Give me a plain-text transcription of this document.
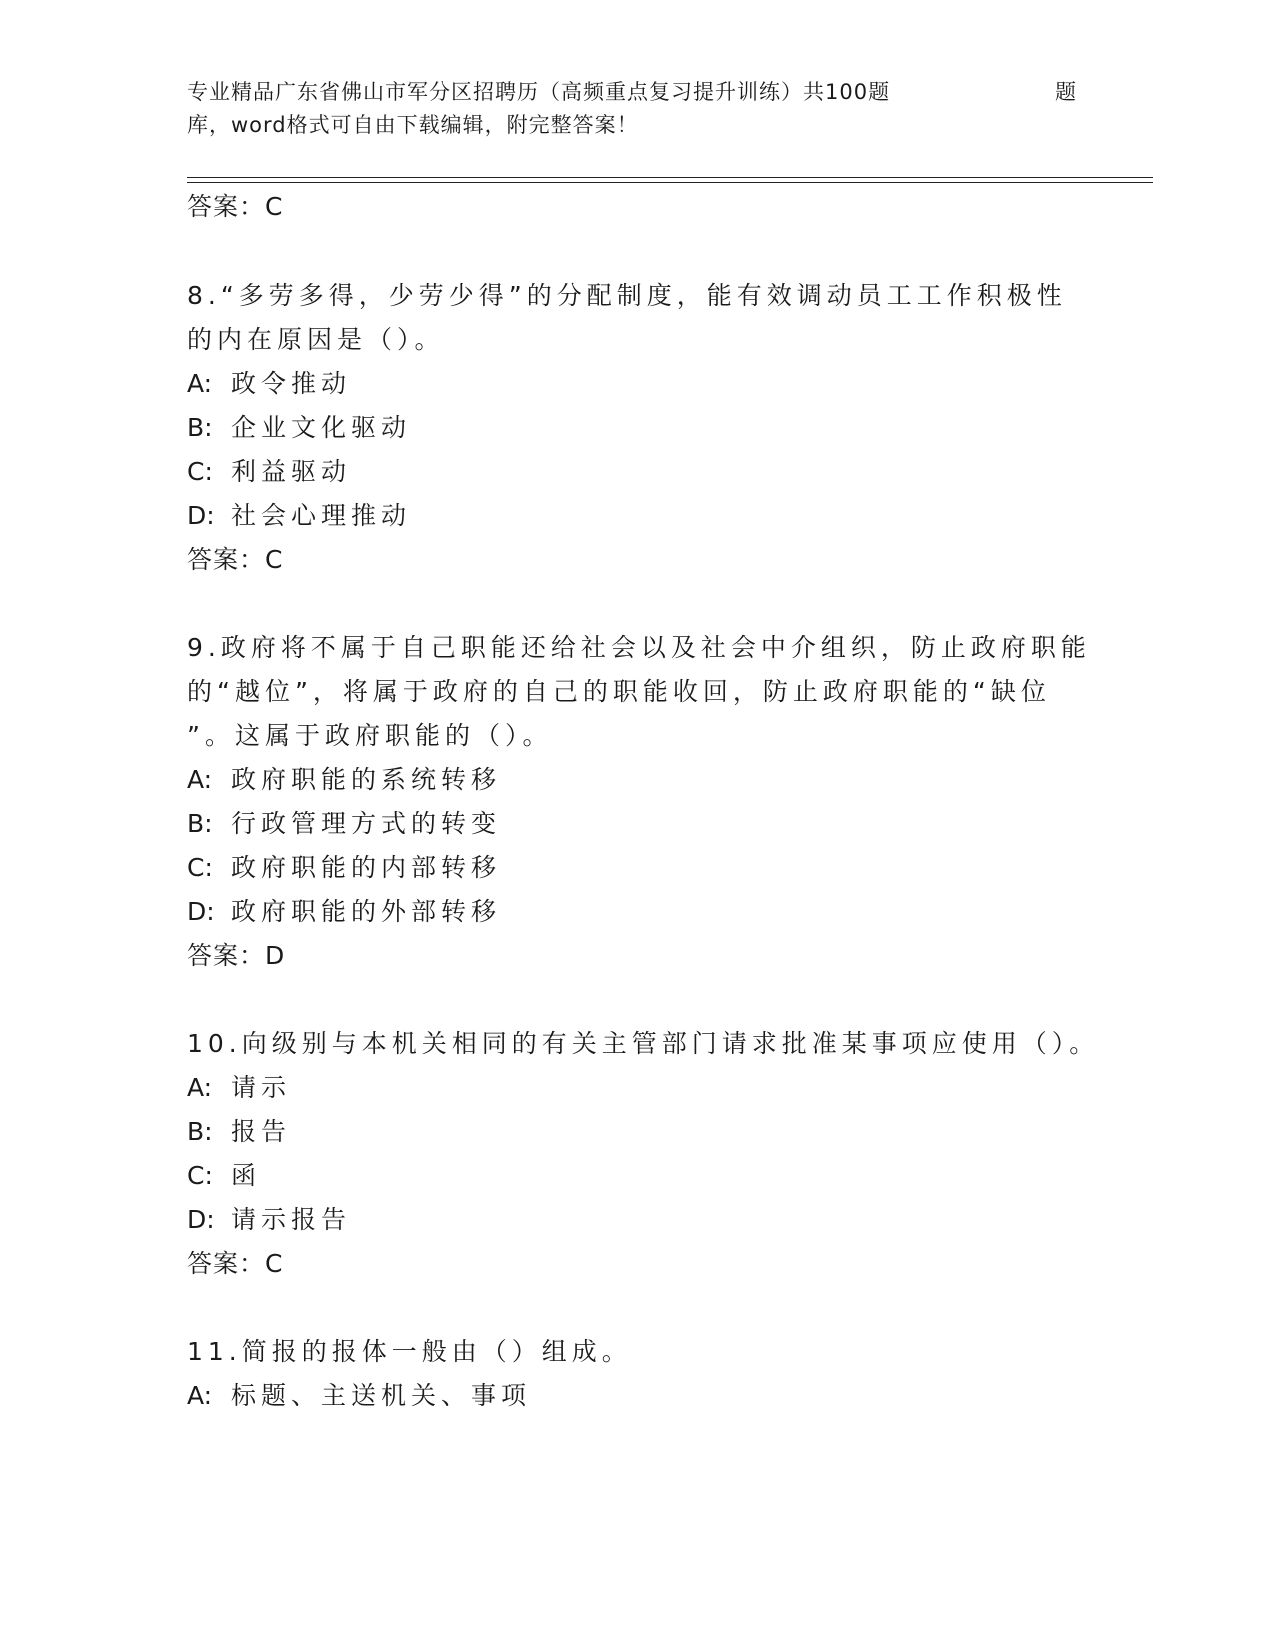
专业精品广东省佛山市军分区招聘历（高频重点复习提升训练）共100题	题
库，word格式可自由下载编辑，附完整答案！
答案：C
8.“多劳多得，少劳少得”的分配制度，能有效调动员工工作积极性
的内在原因是（）。
A: 政令推动
B: 企业文化驱动
C: 利益驱动
D: 社会心理推动
答案：C
9.政府将不属于自己职能还给社会以及社会中介组织，防止政府职能
的“越位”，将属于政府的自己的职能收回，防止政府职能的“缺位
”。这属于政府职能的（）。
A: 政府职能的系统转移
B: 行政管理方式的转变
C: 政府职能的内部转移
D: 政府职能的外部转移
答案：D
10.向级别与本机关相同的有关主管部门请求批准某事项应使用（）。
A: 请示
B: 报告
C: 函
D: 请示报告
答案：C
11.简报的报体一般由（）组成。
A: 标题、主送机关、事项
